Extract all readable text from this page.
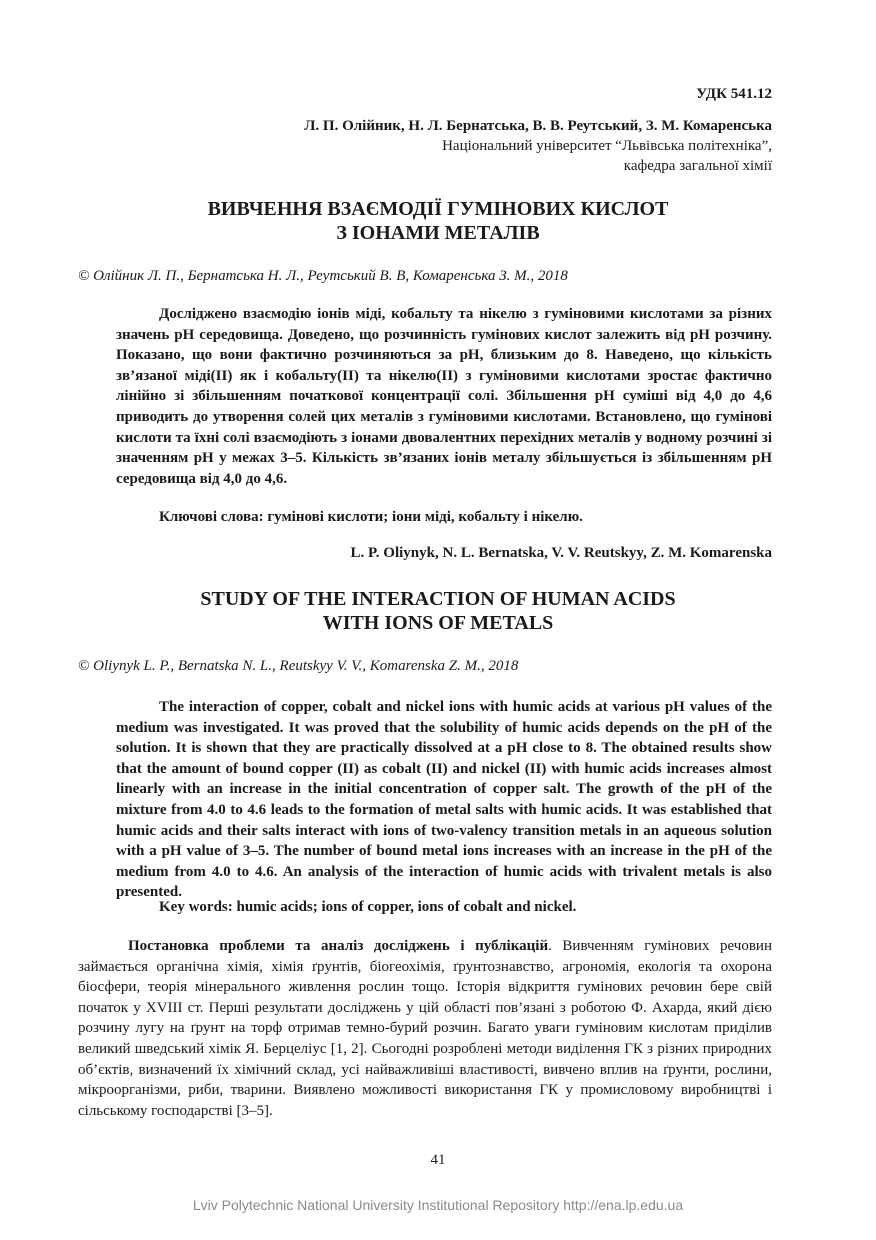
УДК 541.12
Л. П. Олійник, Н. Л. Бернатська, В. В. Реутський, З. М. Комаренська
Національний університет “Львівська політехніка”,
кафедра загальної хімії
ВИВЧЕННЯ ВЗАЄМОДІЇ ГУМІНОВИХ КИСЛОТ
З ІОНАМИ МЕТАЛІВ
© Олійник Л. П., Бернатська Н. Л., Реутський В. В, Комаренська З. М., 2018

Досліджено взаємодію іонів міді, кобальту та нікелю з гуміновими кислотами за різних значень pH середовища. Доведено, що розчинність гумінових кислот залежить від pH розчину. Показано, що вони фактично розчиняються за pH, близьким до 8. Наведено, що кількість зв’язаної міді(II) як і кобальту(II) та нікелю(II) з гуміновими кислотами зростає фактично лінійно зі збільшенням початкової концентрації солі. Збільшення pH суміші від 4,0 до 4,6 приводить до утворення солей цих металів з гуміновими кислотами. Встановлено, що гумінові кислоти та їхні солі взаємодіють з іонами двовалентних перехідних металів у водному розчині зі значенням pH у межах 3–5. Кількість зв’язаних іонів металу збільшується із збільшенням pH середовища від 4,0 до 4,6.

Ключові слова: гумінові кислоти; іони міді, кобальту і нікелю.
L. P. Oliynyk, N. L. Bernatska, V. V. Reutskyy, Z. M. Komarenska
STUDY OF THE INTERACTION OF HUMAN ACIDS
WITH IONS OF METALS
© Oliynyk L. P., Bernatska N. L., Reutskyy V. V., Komarenska Z. M., 2018

The interaction of copper, cobalt and nickel ions with humic acids at various pH values of the medium was investigated. It was proved that the solubility of humic acids depends on the pH of the solution. It is shown that they are practically dissolved at a pH close to 8. The obtained results show that the amount of bound copper (II) as cobalt (II) and nickel (II) with humic acids increases almost linearly with an increase in the initial concentration of copper salt. The growth of the pH of the mixture from 4.0 to 4.6 leads to the formation of metal salts with humic acids. It was established that humic acids and their salts interact with ions of two-valency transition metals in an aqueous solution with a pH value of 3–5. The number of bound metal ions increases with an increase in the pH of the medium from 4.0 to 4.6. An analysis of the interaction of humic acids with trivalent metals is also presented.

Key words: humic acids; ions of copper, ions of cobalt and nickel.

Постановка проблеми та аналіз досліджень і публікацій. Вивченням гумінових речовин займається органічна хімія, хімія ґрунтів, біогеохімія, ґрунтознавство, агрономія, екологія та охорона біосфери, теорія мінерального живлення рослин тощо. Історія відкриття гумінових речовин бере свій початок у XVIII ст. Перші результати досліджень у цій області пов’язані з роботою Ф. Ахарда, який дією розчину лугу на ґрунт на торф отримав темно-бурий розчин. Багато уваги гуміновим кислотам приділив великий шведський хімік Я. Берцеліус [1, 2]. Сьогодні розроблені методи виділення ГК з різних природних об’єктів, визначений їх хімічний склад, усі найважливіші властивості, вивчено вплив на ґрунти, рослини, мікроорганізми, риби, тварини. Виявлено можливості використання ГК у промисловому виробництві і сільському господарстві [3–5].

41
Lviv Polytechnic National University Institutional Repository http://ena.lp.edu.ua
